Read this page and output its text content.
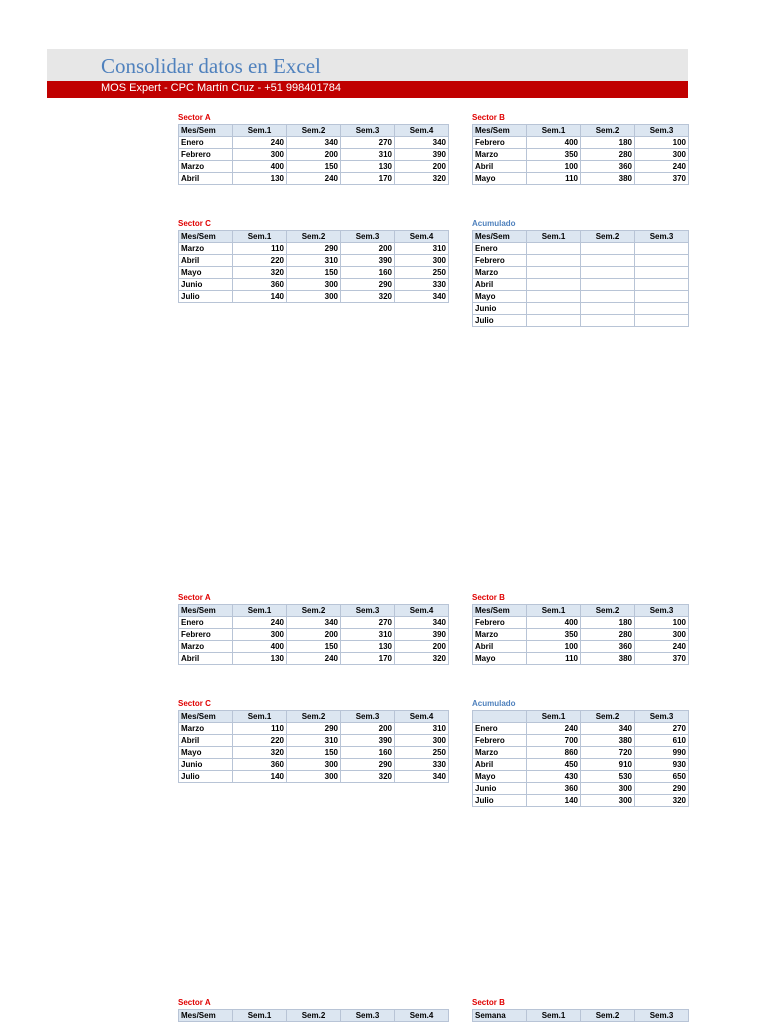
Consolidar datos en Excel
MOS Expert - CPC Martín Cruz - +51 998401784
Sector A
Mes/Sem	Sem.1	Sem.2	Sem.3	Sem.4
Enero	240	340	270	340
Febrero	300	200	310	390
Marzo	400	150	130	200
Abril	130	240	170	320
Sector B
Mes/Sem	Sem.1	Sem.2	Sem.3
Febrero	400	180	100
Marzo	350	280	300
Abril	100	360	240
Mayo	110	380	370
Sector C
Mes/Sem	Sem.1	Sem.2	Sem.3	Sem.4
Marzo	110	290	200	310
Abril	220	310	390	300
Mayo	320	150	160	250
Junio	360	300	290	330
Julio	140	300	320	340
Acumulado
Mes/Sem	Sem.1	Sem.2	Sem.3
Enero			
Febrero			
Marzo			
Abril			
Mayo			
Junio			
Julio			
Sector A
Mes/Sem	Sem.1	Sem.2	Sem.3	Sem.4
Enero	240	340	270	340
Febrero	300	200	310	390
Marzo	400	150	130	200
Abril	130	240	170	320
Sector B
Mes/Sem	Sem.1	Sem.2	Sem.3
Febrero	400	180	100
Marzo	350	280	300
Abril	100	360	240
Mayo	110	380	370
Sector C
Mes/Sem	Sem.1	Sem.2	Sem.3	Sem.4
Marzo	110	290	200	310
Abril	220	310	390	300
Mayo	320	150	160	250
Junio	360	300	290	330
Julio	140	300	320	340
Acumulado
	Sem.1	Sem.2	Sem.3
Enero	240	340	270
Febrero	700	380	610
Marzo	860	720	990
Abril	450	910	930
Mayo	430	530	650
Junio	360	300	290
Julio	140	300	320
Sector A
Mes/Sem	Sem.1	Sem.2	Sem.3	Sem.4
Sector B
Semana	Sem.1	Sem.2	Sem.3
